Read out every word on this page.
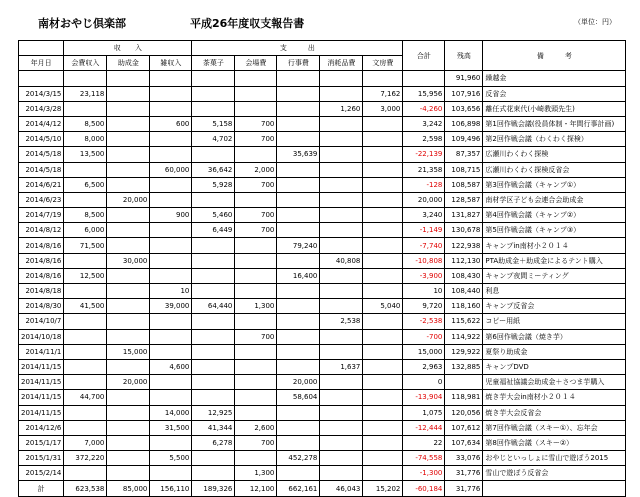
南材おやじ倶楽部	平成26年度収支報告書	（単位：円）
	収　　入			支　　　出					合計	残高	備　　　考
年月日	会費収入	助成金	雑収入	茶菓子	会場費	行事費	消耗品費	文房費			
										91,960	繰越金
2014/3/15	23,118							7,162	15,956	107,916	反省会
2014/3/28							1,260	3,000	-4,260	103,656	離任式花束代(小崎教頭先生)
2014/4/12	8,500		600	5,158	700				3,242	106,898	第1回作戦会議(役員体制・年間行事計画)
2014/5/10	8,000			4,702	700				2,598	109,496	第2回作戦会議（わくわく探検）
2014/5/18	13,500					35,639			-22,139	87,357	広瀬川わくわく探検
2014/5/18			60,000	36,642	2,000				21,358	108,715	広瀬川わくわく探検反省会
2014/6/21	6,500			5,928	700				-128	108,587	第3回作戦会議（キャンプ①）
2014/6/23		20,000							20,000	128,587	南材学区子ども会連合会助成金
2014/7/19	8,500		900	5,460	700				3,240	131,827	第4回作戦会議（キャンプ②）
2014/8/12	6,000			6,449	700				-1,149	130,678	第5回作戦会議（キャンプ③）
2014/8/16	71,500					79,240			-7,740	122,938	キャンプin南材小２０１４
2014/8/16		30,000					40,808		-10,808	112,130	PTA助成金＋助成金によるテント購入
2014/8/16	12,500					16,400			-3,900	108,430	キャンプ夜間ミーティング
2014/8/18			10						10	108,440	利息
2014/8/30	41,500		39,000	64,440	1,300			5,040	9,720	118,160	キャンプ反省会
2014/10/7							2,538		-2,538	115,622	コピー用紙
2014/10/18					700				-700	114,922	第6回作戦会議（焼き芋）
2014/11/1		15,000							15,000	129,922	夏祭り助成金
2014/11/15			4,600				1,637		2,963	132,885	キャンプDVD
2014/11/15		20,000				20,000			0		児童福祉協議会助成金＋さつま芋購入
2014/11/15	44,700					58,604			-13,904	118,981	焼き芋大会in南材小２０１４
2014/11/15			14,000	12,925					1,075	120,056	焼き芋大会反省会
2014/12/6			31,500	41,344	2,600				-12,444	107,612	第7回作戦会議（スキー①）、忘年会
2015/1/17	7,000			6,278	700				22	107,634	第8回作戦会議（スキー②）
2015/1/31	372,220		5,500			452,278			-74,558	33,076	おやじといっしょに雪山で遊ぼう2015
2015/2/14					1,300				-1,300	31,776	雪山で遊ぼう反省会
計	623,538	85,000	156,110	189,326	12,100	662,161	46,043	15,202	-60,184	31,776	
